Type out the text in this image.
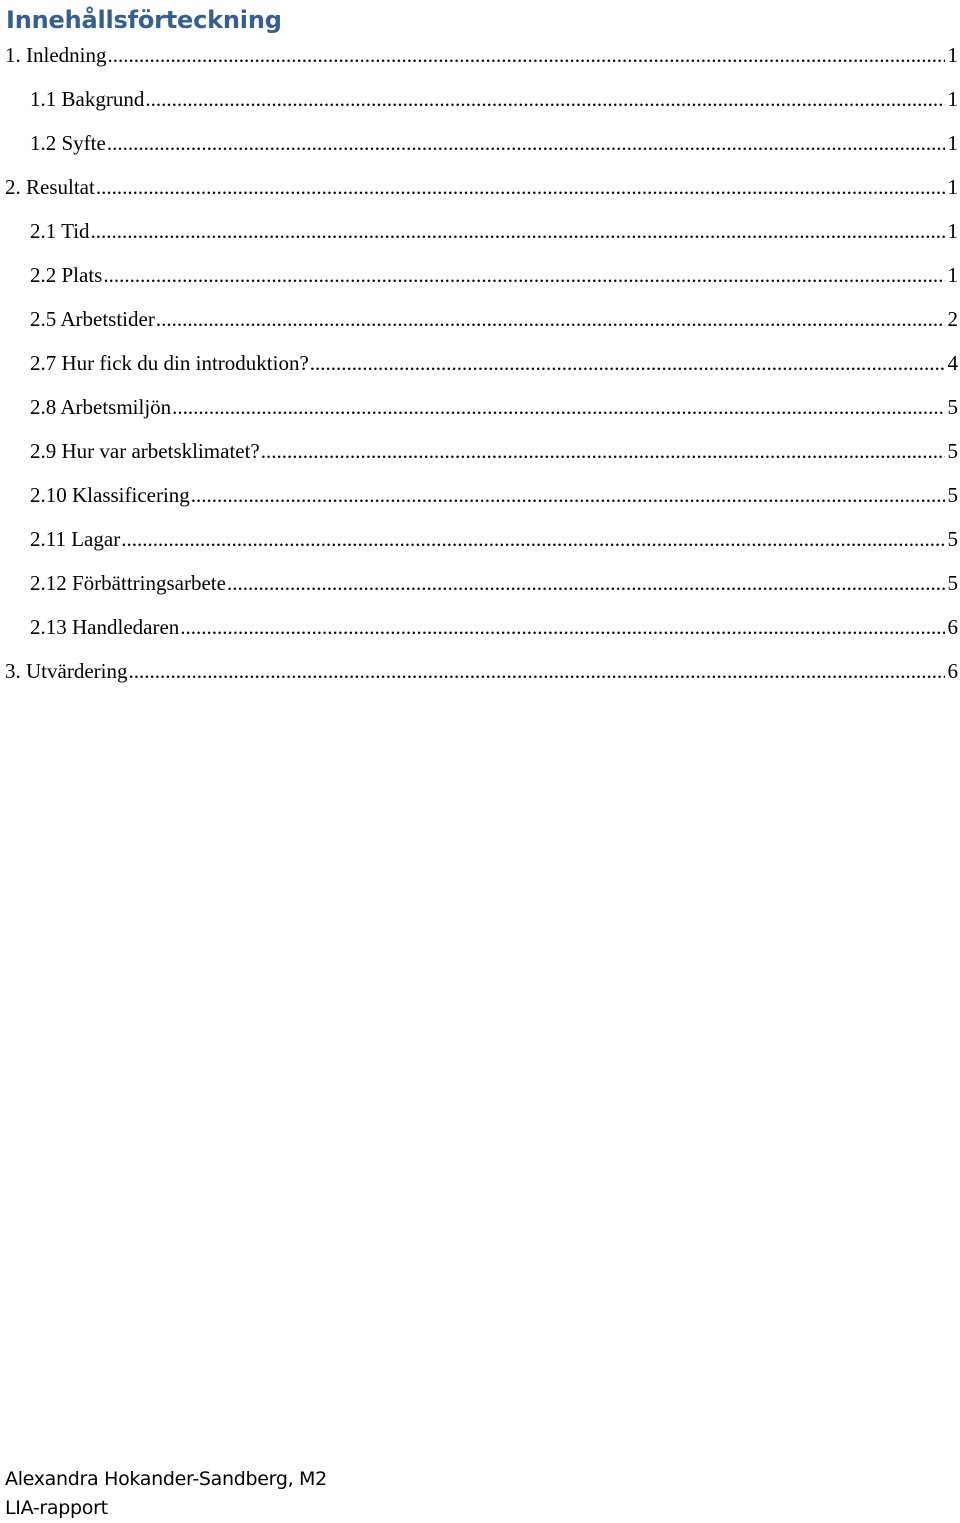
Innehållsförteckning
1. Inledning .....	1
1.1 Bakgrund .....	1
1.2 Syfte .....	1
2. Resultat .....	1
2.1 Tid .....	1
2.2 Plats .....	1
2.5 Arbetstider .....	2
2.7 Hur fick du din introduktion? .....	4
2.8 Arbetsmiljön .....	5
2.9 Hur var arbetsklimatet? .....	5
2.10 Klassificering .....	5
2.11 Lagar .....	5
2.12 Förbättringsarbete .....	5
2.13 Handledaren .....	6
3. Utvärdering .....	6
Alexandra Hokander-Sandberg, M2
LIA-rapport
